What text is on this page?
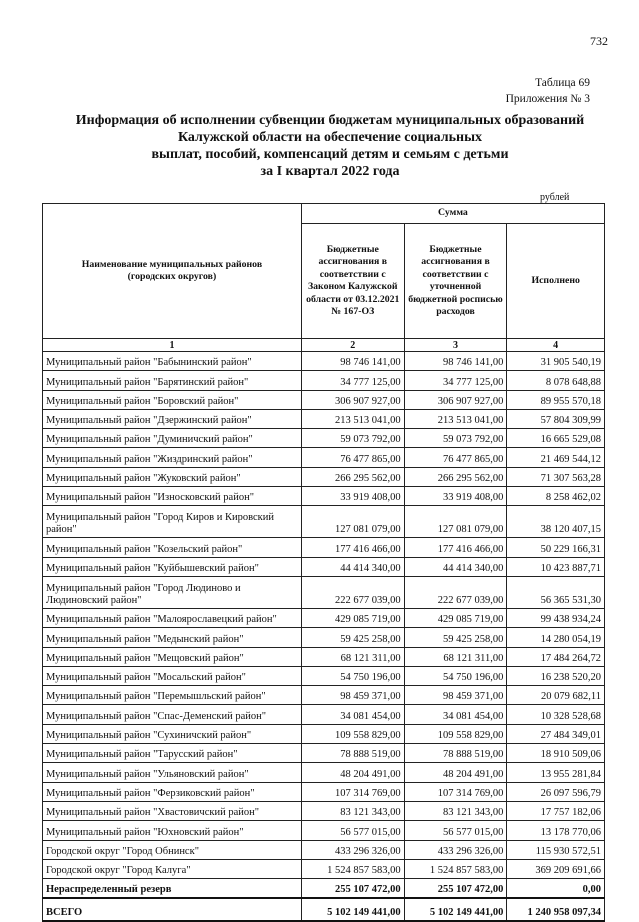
732
Таблица 69
Приложения № 3
Информация об исполнении субвенции бюджетам муниципальных образований
Калужской области на обеспечение социальных
выплат, пособий, компенсаций детям и семьям с детьми
за I квартал 2022 года
рублей
Наименование муниципальных районов (городских округов)	Сумма		
	Бюджетные ассигнования в соответствии с Законом Калужской области от 03.12.2021 № 167-ОЗ	Бюджетные ассигнования в соответствии с уточненной бюджетной росписью расходов	Исполнено
1	2	3	4
Муниципальный район "Бабынинский район"	98 746 141,00	98 746 141,00	31 905 540,19
Муниципальный район "Барятинский район"	34 777 125,00	34 777 125,00	8 078 648,88
Муниципальный район "Боровский район"	306 907 927,00	306 907 927,00	89 955 570,18
Муниципальный район "Дзержинский район"	213 513 041,00	213 513 041,00	57 804 309,99
Муниципальный район "Думиничский район"	59 073 792,00	59 073 792,00	16 665 529,08
Муниципальный район "Жиздринский район"	76 477 865,00	76 477 865,00	21 469 544,12
Муниципальный район "Жуковский район"	266 295 562,00	266 295 562,00	71 307 563,28
Муниципальный район "Износковский район"	33 919 408,00	33 919 408,00	8 258 462,02
Муниципальный район "Город Киров и Кировский район"	127 081 079,00	127 081 079,00	38 120 407,15
Муниципальный район "Козельский район"	177 416 466,00	177 416 466,00	50 229 166,31
Муниципальный район "Куйбышевский район"	44 414 340,00	44 414 340,00	10 423 887,71
Муниципальный район "Город Людиново и Людиновский район"	222 677 039,00	222 677 039,00	56 365 531,30
Муниципальный район "Малоярославецкий район"	429 085 719,00	429 085 719,00	99 438 934,24
Муниципальный район "Медынский район"	59 425 258,00	59 425 258,00	14 280 054,19
Муниципальный район "Мещовский район"	68 121 311,00	68 121 311,00	17 484 264,72
Муниципальный район "Мосальский район"	54 750 196,00	54 750 196,00	16 238 520,20
Муниципальный район "Перемышльский район"	98 459 371,00	98 459 371,00	20 079 682,11
Муниципальный район "Спас-Деменский район"	34 081 454,00	34 081 454,00	10 328 528,68
Муниципальный район "Сухиничский район"	109 558 829,00	109 558 829,00	27 484 349,01
Муниципальный район "Тарусский район"	78 888 519,00	78 888 519,00	18 910 509,06
Муниципальный район "Ульяновский район"	48 204 491,00	48 204 491,00	13 955 281,84
Муниципальный район "Ферзиковский район"	107 314 769,00	107 314 769,00	26 097 596,79
Муниципальный район "Хвастовичский район"	83 121 343,00	83 121 343,00	17 757 182,06
Муниципальный район "Юхновский район"	56 577 015,00	56 577 015,00	13 178 770,06
Городской округ "Город Обнинск"	433 296 326,00	433 296 326,00	115 930 572,51
Городской округ "Город Калуга"	1 524 857 583,00	1 524 857 583,00	369 209 691,66
Нераспределенный резерв	255 107 472,00	255 107 472,00	0,00
ВСЕГО	5 102 149 441,00	5 102 149 441,00	1 240 958 097,34
